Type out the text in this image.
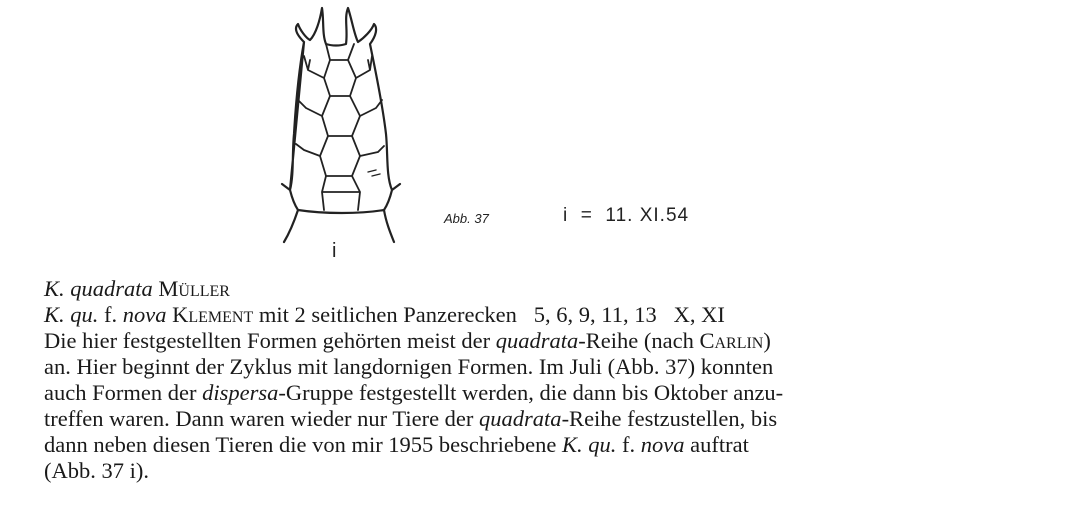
i
Abb. 37	i  =  11. XI.54
K. quadrata Müller
K. qu. f. nova Klement mit 2 seitlichen Panzerecken 5, 6, 9, 11, 13 X, XI
Die hier festgestellten Formen gehörten meist der quadrata-Reihe (nach Carlin)
an. Hier beginnt der Zyklus mit langdornigen Formen. Im Juli (Abb. 37) konnten
auch Formen der dispersa-Gruppe festgestellt werden, die dann bis Oktober anzu-
treffen waren. Dann waren wieder nur Tiere der quadrata-Reihe festzustellen, bis
dann neben diesen Tieren die von mir 1955 beschriebene K. qu. f. nova auftrat
(Abb. 37 i).
